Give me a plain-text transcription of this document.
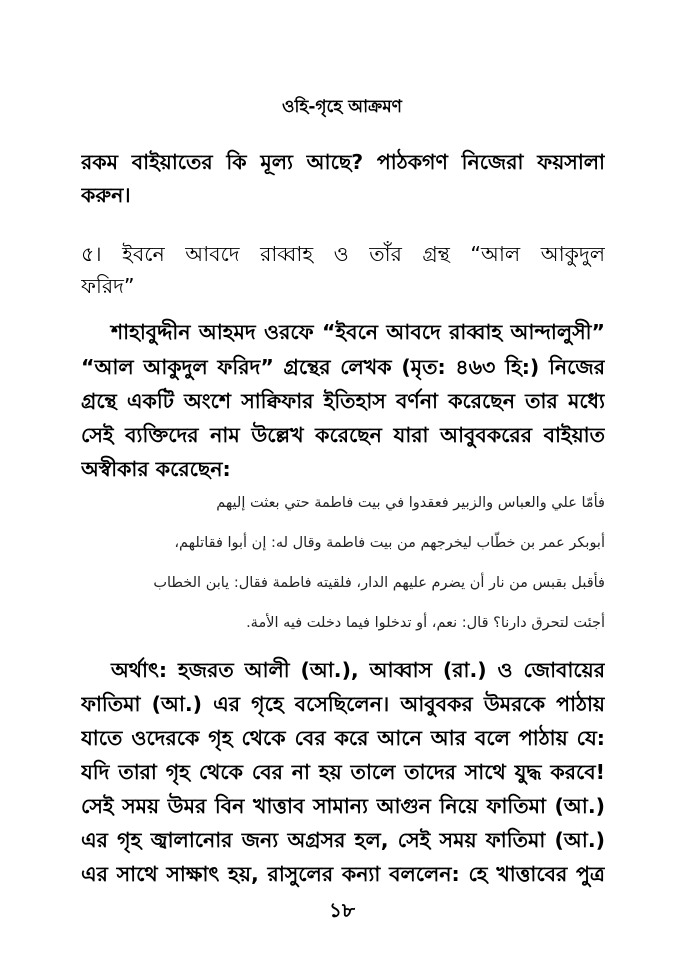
ওহি-গৃহে আক্রমণ
রকম বাইয়াতের কি মূল্য আছে? পাঠকগণ নিজেরা ফয়সালা
করুন।
৫। ইবনে আবদে রাব্বাহ ও তাঁর গ্রন্থ “আল আকুদুল
ফরিদ”
শাহাবুদ্দীন আহমদ ওরফে “ইবনে আবদে রাব্বাহ আন্দালুসী”
“আল আকুদুল ফরিদ” গ্রন্থের লেখক (মৃত: ৪৬৩ হি:) নিজের
গ্রন্থে একটি অংশে সাক্বিফার ইতিহাস বর্ণনা করেছেন তার মধ্যে
সেই ব্যক্তিদের নাম উল্লেখ করেছেন যারা আবুবকরের বাইয়াত
অস্বীকার করেছেন:
فأمّا علي والعباس والزبير فعقدوا في بيت فاطمة حتي بعثت إليهم
أبوبكر عمر بن خطّاب ليخرجهم من بيت فاطمة وقال له: إن أبوا فقاتلهم،
فأقبل بقبس من نار أن يضرم عليهم الدار، فلقيته فاطمة فقال: يابن الخطاب
أجئت لتحرق دارنا؟ قال: نعم، أو تدخلوا فيما دخلت فيه الأمة.
অর্থাৎ: হজরত আলী (আ.), আব্বাস (রা.) ও জোবায়ের
ফাতিমা (আ.) এর গৃহে বসেছিলেন। আবুবকর উমরকে পাঠায়
যাতে ওদেরকে গৃহ থেকে বের করে আনে আর বলে পাঠায় যে:
যদি তারা গৃহ থেকে বের না হয় তালে তাদের সাথে যুদ্ধ করবে!
সেই সময় উমর বিন খাত্তাব সামান্য আগুন নিয়ে ফাতিমা (আ.)
এর গৃহ জ্বালানোর জন্য অগ্রসর হল, সেই সময় ফাতিমা (আ.)
এর সাথে সাক্ষাৎ হয়, রাসুলের কন্যা বললেন: হে খাত্তাবের পুত্র
১৮
